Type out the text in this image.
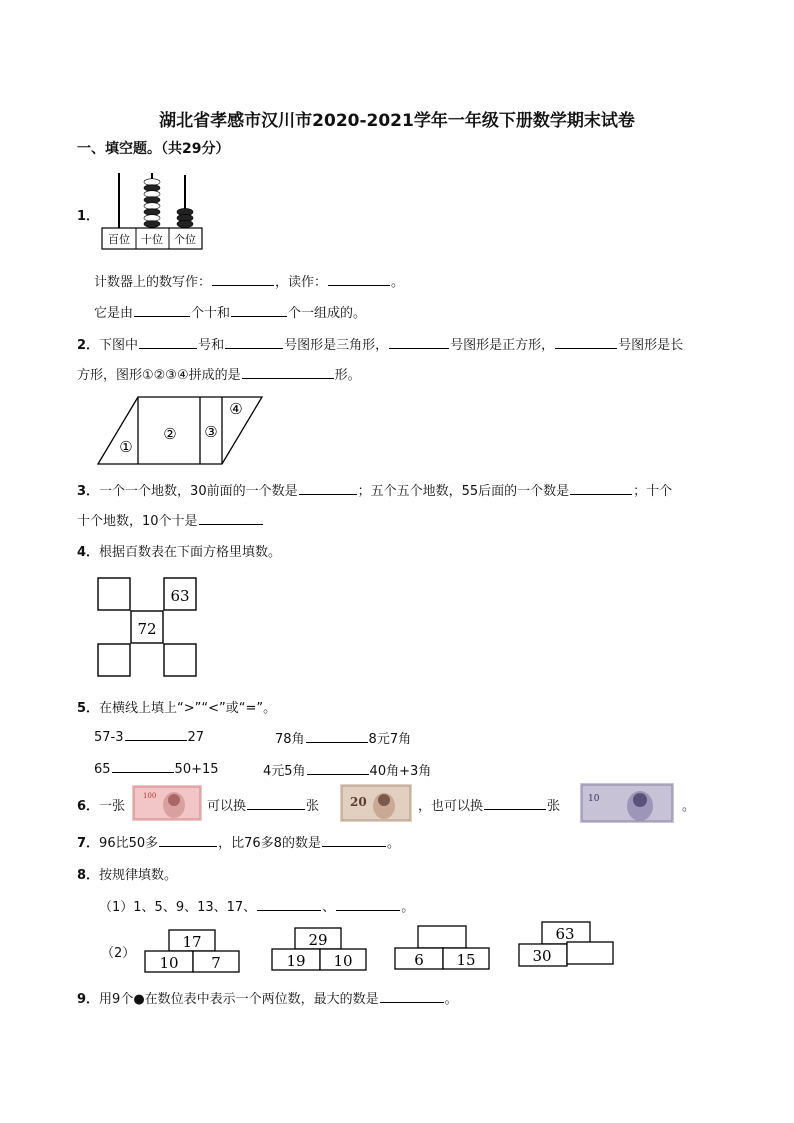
湖北省孝感市汉川市2020-2021学年一年级下册数学期末试卷
一、填空题。（共29分）
1．
百位 十位 个位
计数器上的数写作：	，读作：	。
它是由	个十和	个一组成的。
2．下图中	号和	号图形是三角形，	号图形是正方形，	号图形是长
方形，图形①②③④拼成的是	形。
①
② ③
④
3．一个一个地数，30前面的一个数是	；五个五个地数，55后面的一个数是	；十个
十个地数，10个十是
4．根据百数表在下面方格里填数。
63
72
5．在横线上填上“>”“<”或“=”。
57-3	27	78角	8元7角
65	50+15	4元5角	40角+3角
6．一张
100
可以换	张	20	，也可以换	张	10	。
7．96比50多	，比76多8的数是	。
8．按规律填数。
（1）1、5、9、13、17、	、	。
（2）
17
10 7
29
19 10	6 15
63
30
9．用9个●在数位表中表示一个两位数，最大的数是	。
